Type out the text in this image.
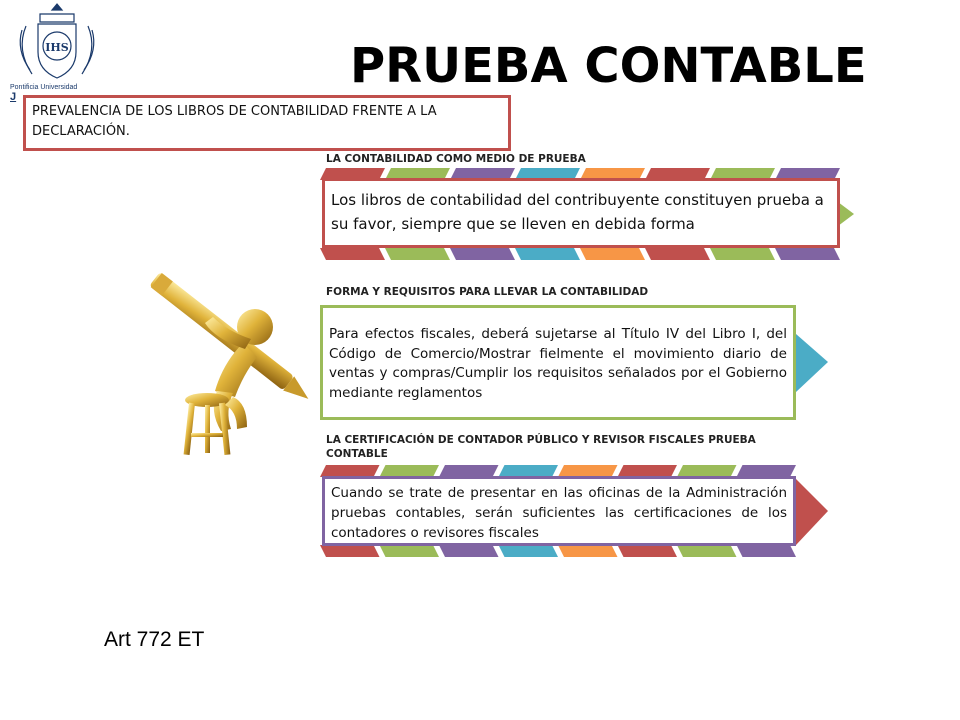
IHS
Pontificia Universidad
J
PRUEBA CONTABLE
PREVALENCIA DE LOS LIBROS DE CONTABILIDAD FRENTE A LA DECLARACIÓN.
LA CONTABILIDAD COMO MEDIO DE PRUEBA
Los libros de contabilidad del contribuyente constituyen prueba a su favor, siempre que se lleven en debida forma
FORMA Y REQUISITOS PARA LLEVAR LA CONTABILIDAD
Para efectos fiscales, deberá sujetarse al Título IV del Libro I, del Código de Comercio/Mostrar fielmente el movimiento diario de ventas y compras/Cumplir los requisitos señalados por el Gobierno mediante reglamentos
LA CERTIFICACIÓN DE CONTADOR PÚBLICO Y REVISOR FISCALES PRUEBA CONTABLE
Cuando se trate de presentar en las oficinas de la Administración pruebas contables, serán suficientes las certificaciones de los contadores o revisores fiscales
Art 772 ET
